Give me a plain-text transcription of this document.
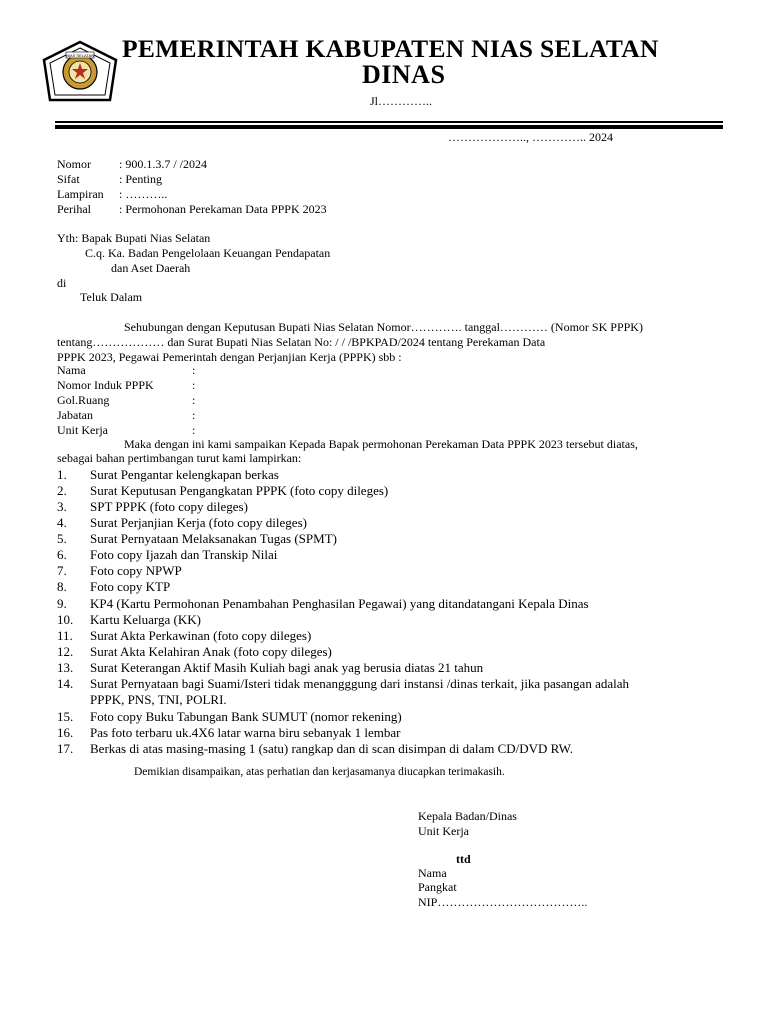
NIAS SELATAN PEMERINTAH KABUPATEN NIAS SELATAN
DINAS
Jl…………..
……………….., ………….. 2024
Nomor : 900.1.3.7 / /2024
Sifat	: Penting
Lampiran : ………..
Perihal : Permohonan Perekaman Data PPPK 2023
Yth: Bapak Bupati Nias Selatan
C.q. Ka. Badan Pengelolaan Keuangan Pendapatan
dan Aset Daerah
di
Teluk Dalam
Sehubungan dengan Keputusan Bupati Nias Selatan Nomor…………. tanggal………… (Nomor SK PPPK)
tentang……………… dan Surat Bupati Nias Selatan No: / / /BPKPAD/2024 tentang Perekaman Data
PPPK 2023, Pegawai Pemerintah dengan Perjanjian Kerja (PPPK) sbb :
Nama	:
Nomor Induk PPPK	:
Gol.Ruang	:
Jabatan	:
Unit Kerja	:
Maka dengan ini kami sampaikan Kepada Bapak permohonan Perekaman Data PPPK 2023 tersebut diatas,
sebagai bahan pertimbangan turut kami lampirkan:
1. Surat Pengantar kelengkapan berkas
2. Surat Keputusan Pengangkatan PPPK (foto copy dileges)
3. SPT PPPK (foto copy dileges)
4. Surat Perjanjian Kerja (foto copy dileges)
5. Surat Pernyataan Melaksanakan Tugas (SPMT)
6. Foto copy Ijazah dan Transkip Nilai
7. Foto copy NPWP
8. Foto copy KTP
9. KP4 (Kartu Permohonan Penambahan Penghasilan Pegawai) yang ditandatangani Kepala Dinas
10. Kartu Keluarga (KK)
11. Surat Akta Perkawinan (foto copy dileges)
12. Surat Akta Kelahiran Anak (foto copy dileges)
13. Surat Keterangan Aktif Masih Kuliah bagi anak yag berusia diatas 21 tahun
14. Surat Pernyataan bagi Suami/Isteri tidak menangggung dari instansi /dinas terkait, jika pasangan adalah
PPPK, PNS, TNI, POLRI.
15. Foto copy Buku Tabungan Bank SUMUT (nomor rekening)
16. Pas foto terbaru uk.4X6 latar warna biru sebanyak 1 lembar
17. Berkas di atas masing-masing 1 (satu) rangkap dan di scan disimpan di dalam CD/DVD RW.
Demikian disampaikan, atas perhatian dan kerjasamanya diucapkan terimakasih.
Kepala Badan/Dinas
Unit Kerja
ttd
Nama
Pangkat
NIP………………………………..
